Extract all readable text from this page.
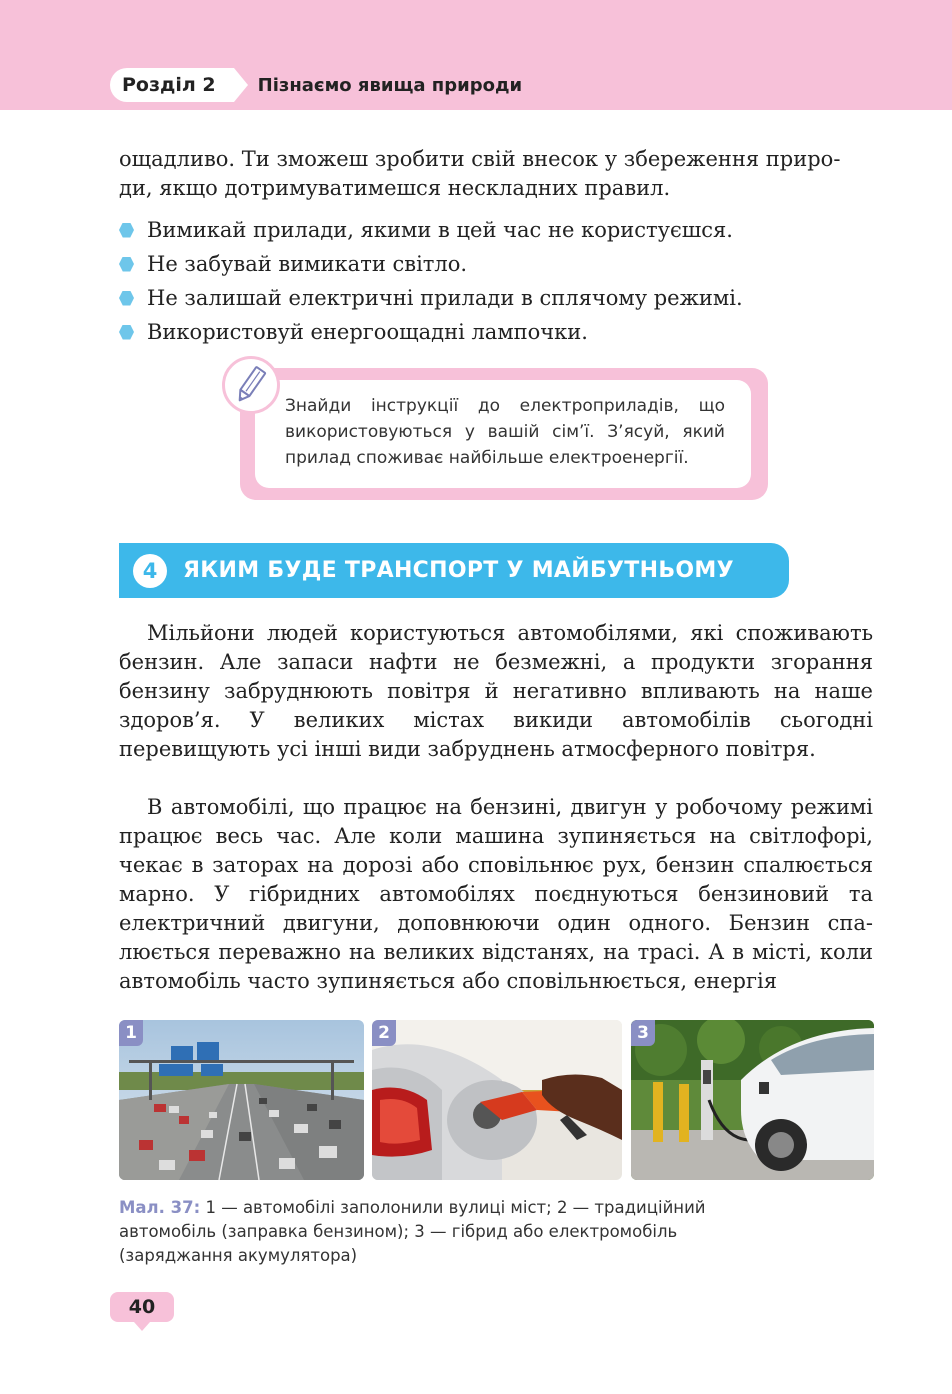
Розділ 2	Пізнаємо явища природи

ощадливо. Ти зможеш зробити свій внесок у збереження приро-

ди, якщо дотримуватимешся нескладних правил.

Вимикай прилади, якими в цей час не користуєшся.
Не забувай вимикати світло.
Не залишай електричні прилади в сплячому режимі.
Використовуй енергоощадні лампочки.

Знайди інструкції до електроприладів, що використовуються у вашій сім’ї. З’ясуй, який прилад споживає найбільше електроенергії.

4	ЯКИМ БУДЕ ТРАНСПОРТ У МАЙБУТНЬОМУ

Мільйони людей користуються автомобілями, які споживають бензин. Але запаси нафти не безмежні, а продукти згорання бензину забруднюють повітря й негативно впливають на наше здоров’я. У великих містах викиди автомобілів сьогодні перевищують усі інші види забруднень атмосферного повітря.

В автомобілі, що працює на бензині, двигун у робочому режимі працює весь час. Але коли машина зупиняється на світлофорі, чекає в заторах на дорозі або сповільнює рух, бензин спалюється марно. У гібридних автомобілях поєднуються бензиновий та електричний двигуни, доповнюючи один одного. Бензин спалюється переважно на великих відстанях, на трасі. А в місті, коли автомобіль часто зупиняється або сповільнюється, енергія

1	2	3

Мал. 37: 1 — автомобілі заполонили вулиці міст; 2 — традиційний автомобіль (заправка бензином); 3 — гібрид або електромобіль (заряджання акумулятора)

40
